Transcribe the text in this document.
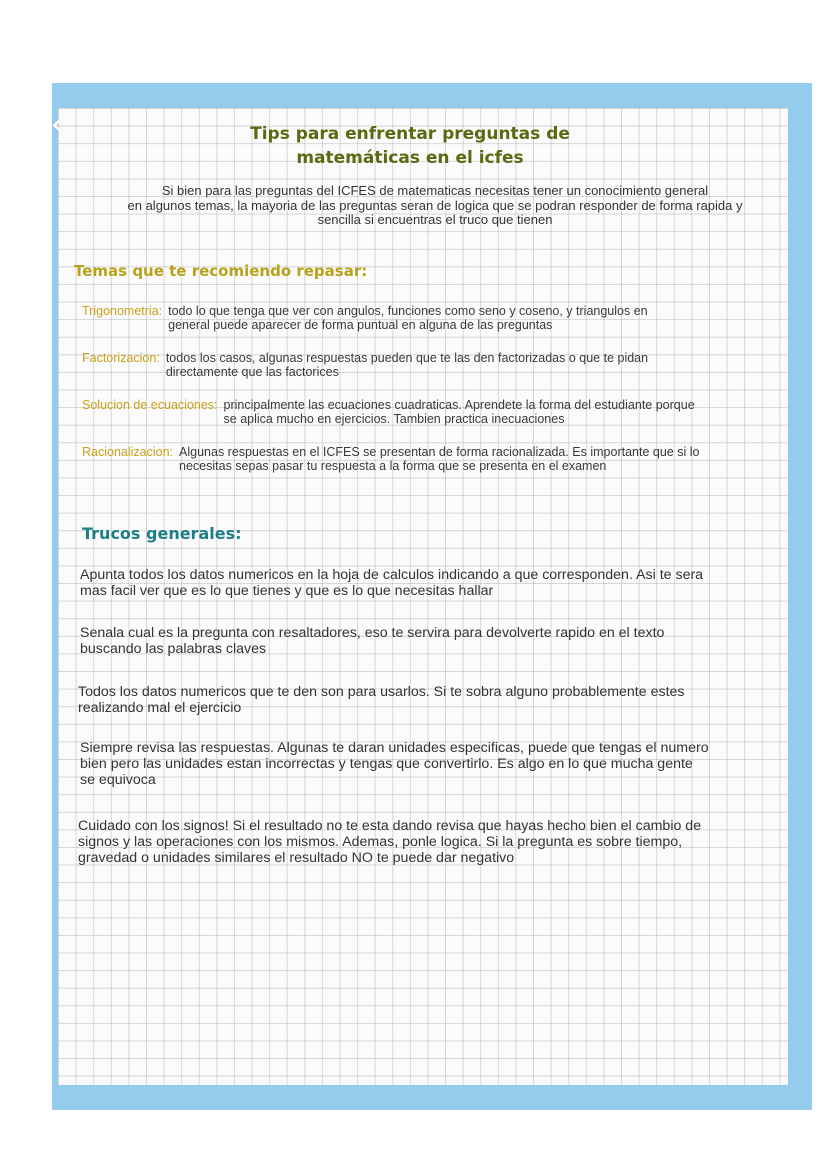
‹	Tips para enfrentar preguntas de
matemáticas en el icfes
Si bien para las preguntas del ICFES de matematicas necesitas tener un conocimiento general
en algunos temas, la mayoria de las preguntas seran de logica que se podran responder de forma rapida y
sencilla si encuentras el truco que tienen
Temas que te recomiendo repasar:
Trigonometria: todo lo que tenga que ver con angulos, funciones como seno y coseno, y triangulos en
general puede aparecer de forma puntual en alguna de las preguntas
Factorizacion: todos los casos, algunas respuestas pueden que te las den factorizadas o que te pidan
directamente que las factorices
Solucion de ecuaciones: principalmente las ecuaciones cuadraticas. Aprendete la forma del estudiante porque
se aplica mucho en ejercicios. Tambien practica inecuaciones
Racionalizacion: Algunas respuestas en el ICFES se presentan de forma racionalizada. Es importante que si lo
necesitas sepas pasar tu respuesta a la forma que se presenta en el examen
Trucos generales:
Apunta todos los datos numericos en la hoja de calculos indicando a que corresponden. Asi te sera
mas facil ver que es lo que tienes y que es lo que necesitas hallar
Senala cual es la pregunta con resaltadores, eso te servira para devolverte rapido en el texto
buscando las palabras claves
Todos los datos numericos que te den son para usarlos. Si te sobra alguno probablemente estes
realizando mal el ejercicio
Siempre revisa las respuestas. Algunas te daran unidades especificas, puede que tengas el numero
bien pero las unidades estan incorrectas y tengas que convertirlo. Es algo en lo que mucha gente
se equivoca
Cuidado con los signos! Si el resultado no te esta dando revisa que hayas hecho bien el cambio de
signos y las operaciones con los mismos. Ademas, ponle logica. Si la pregunta es sobre tiempo,
gravedad o unidades similares el resultado NO te puede dar negativo
